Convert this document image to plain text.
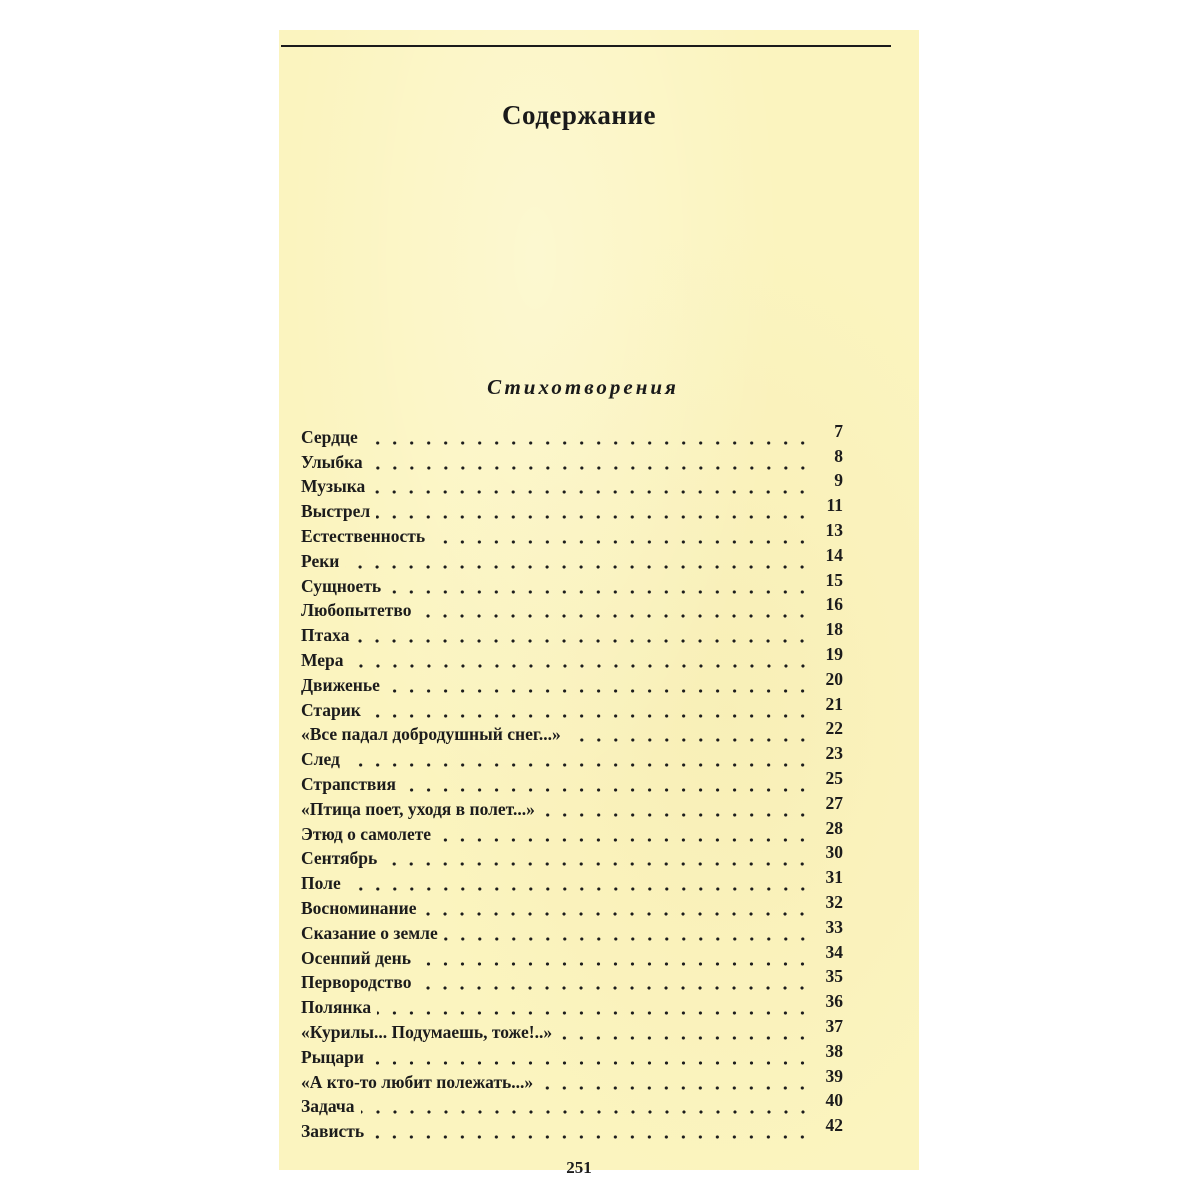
Содержание
Стихотворения
Сердце	7
Улыбка	8
Музыка	9
Выстрел	11
Естественность	13
Реки	14
Сущноеть	15
Любопытетво	16
Птаха	18
Мера	19
Движенье	20
Старик	21
«Все падал добродушный снег...»	22
След	23
Страпствия	25
«Птица поет, уходя в полет...»	27
Этюд о самолете	28
Сентябрь	30
Поле	31
Восноминание	32
Сказание о земле	33
Осенпий день	34
Первородство	35
Полянка	36
«Курилы... Подумаешь, тоже!..»	37
Рыцари	38
«А кто-то любит полежать...»	39
Задача	40
Зависть	42
251
